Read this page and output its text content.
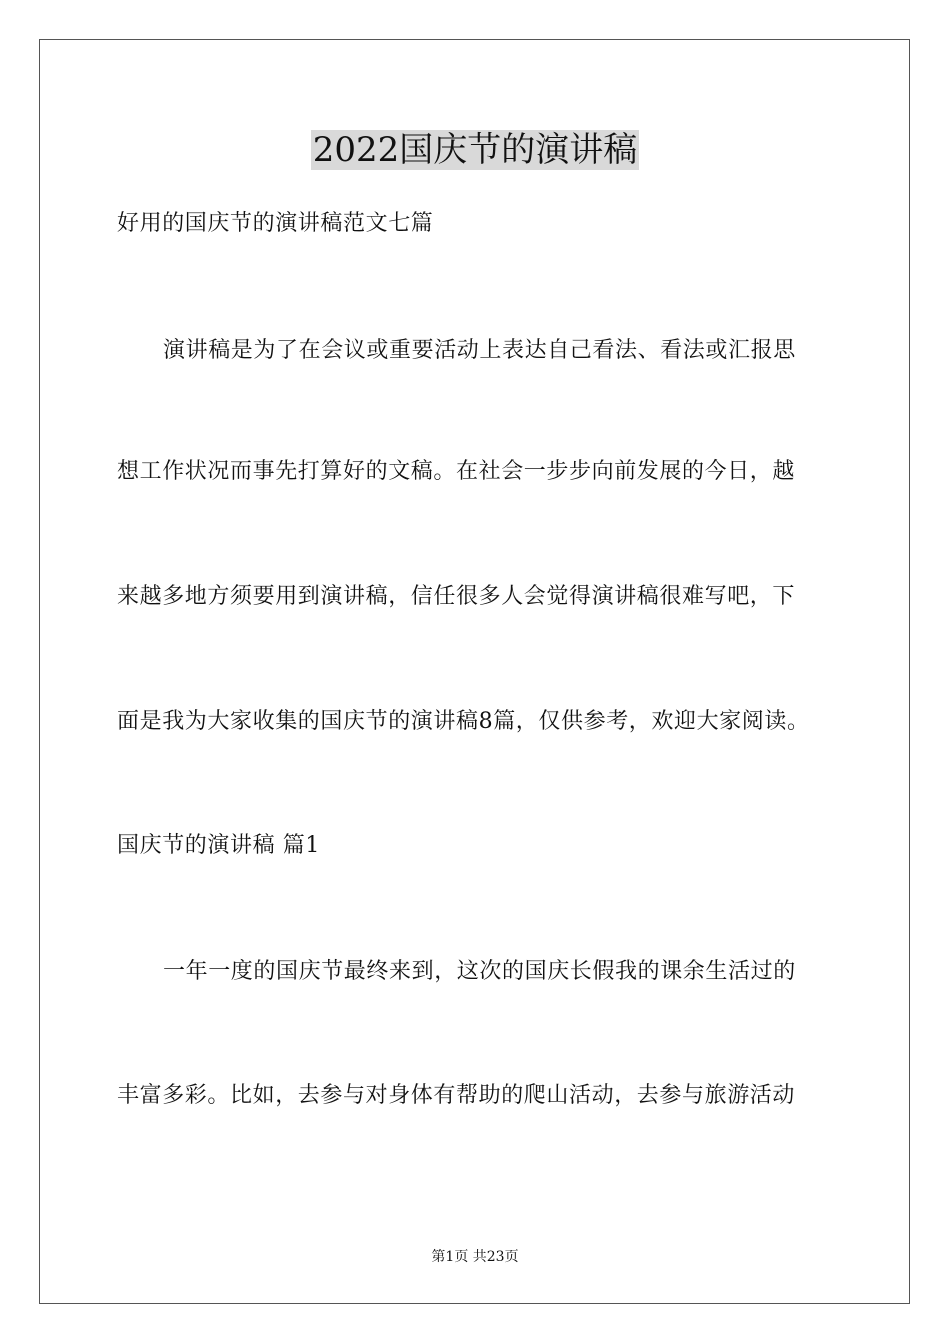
2022国庆节的演讲稿
好用的国庆节的演讲稿范文七篇
演讲稿是为了在会议或重要活动上表达自己看法、看法或汇报思
想工作状况而事先打算好的文稿。在社会一步步向前发展的今日，越
来越多地方须要用到演讲稿，信任很多人会觉得演讲稿很难写吧，下
面是我为大家收集的国庆节的演讲稿8篇，仅供参考，欢迎大家阅读。
国庆节的演讲稿 篇1
一年一度的国庆节最终来到，这次的国庆长假我的课余生活过的
丰富多彩。比如，去参与对身体有帮助的爬山活动，去参与旅游活动
第1页 共23页
